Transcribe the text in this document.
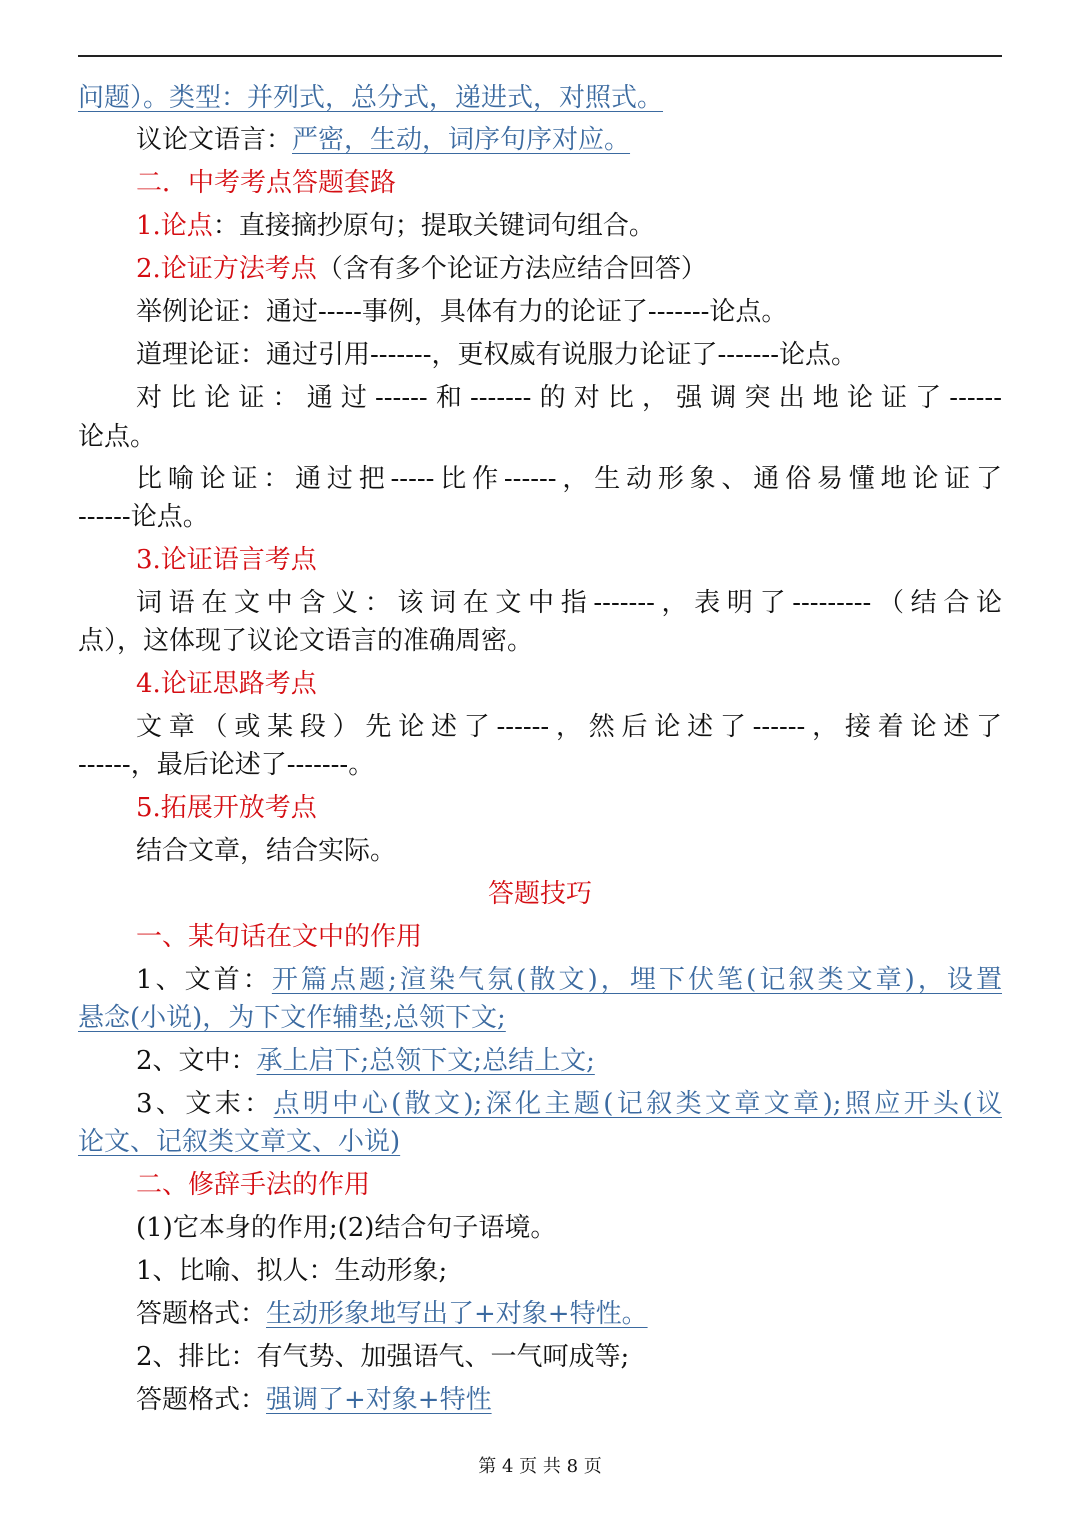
问题）。类型：并列式，总分式，递进式，对照式。
议论文语言：严密，生动，词序句序对应。
二．中考考点答题套路
1.论点：直接摘抄原句；提取关键词句组合。
2.论证方法考点（含有多个论证方法应结合回答）
举例论证：通过-----事例，具体有力的论证了-------论点。
道理论证：通过引用-------，更权威有说服力论证了-------论点。
对比论证：通过------和-------的对比，强调突出地论证了------
论点。
比喻论证：通过把-----比作------，生动形象、通俗易懂地论证了
------论点。
3.论证语言考点
词语在文中含义：该词在文中指-------，表明了---------（结合论
点），这体现了议论文语言的准确周密。
4.论证思路考点
文章（或某段）先论述了------，然后论述了------，接着论述了
------，最后论述了-------。
5.拓展开放考点
结合文章，结合实际。
答题技巧
一、某句话在文中的作用
1、文首：开篇点题;渲染气氛(散文)，埋下伏笔(记叙类文章)，设置
悬念(小说)，为下文作辅垫;总领下文;
2、文中：承上启下;总领下文;总结上文;
3、文末：点明中心(散文);深化主题(记叙类文章文章);照应开头(议
论文、记叙类文章文、小说)
二、修辞手法的作用
(1)它本身的作用;(2)结合句子语境。
1、比喻、拟人：生动形象;
答题格式：生动形象地写出了+对象+特性。
2、排比：有气势、加强语气、一气呵成等;
答题格式：强调了+对象+特性
第 4 页 共 8 页
